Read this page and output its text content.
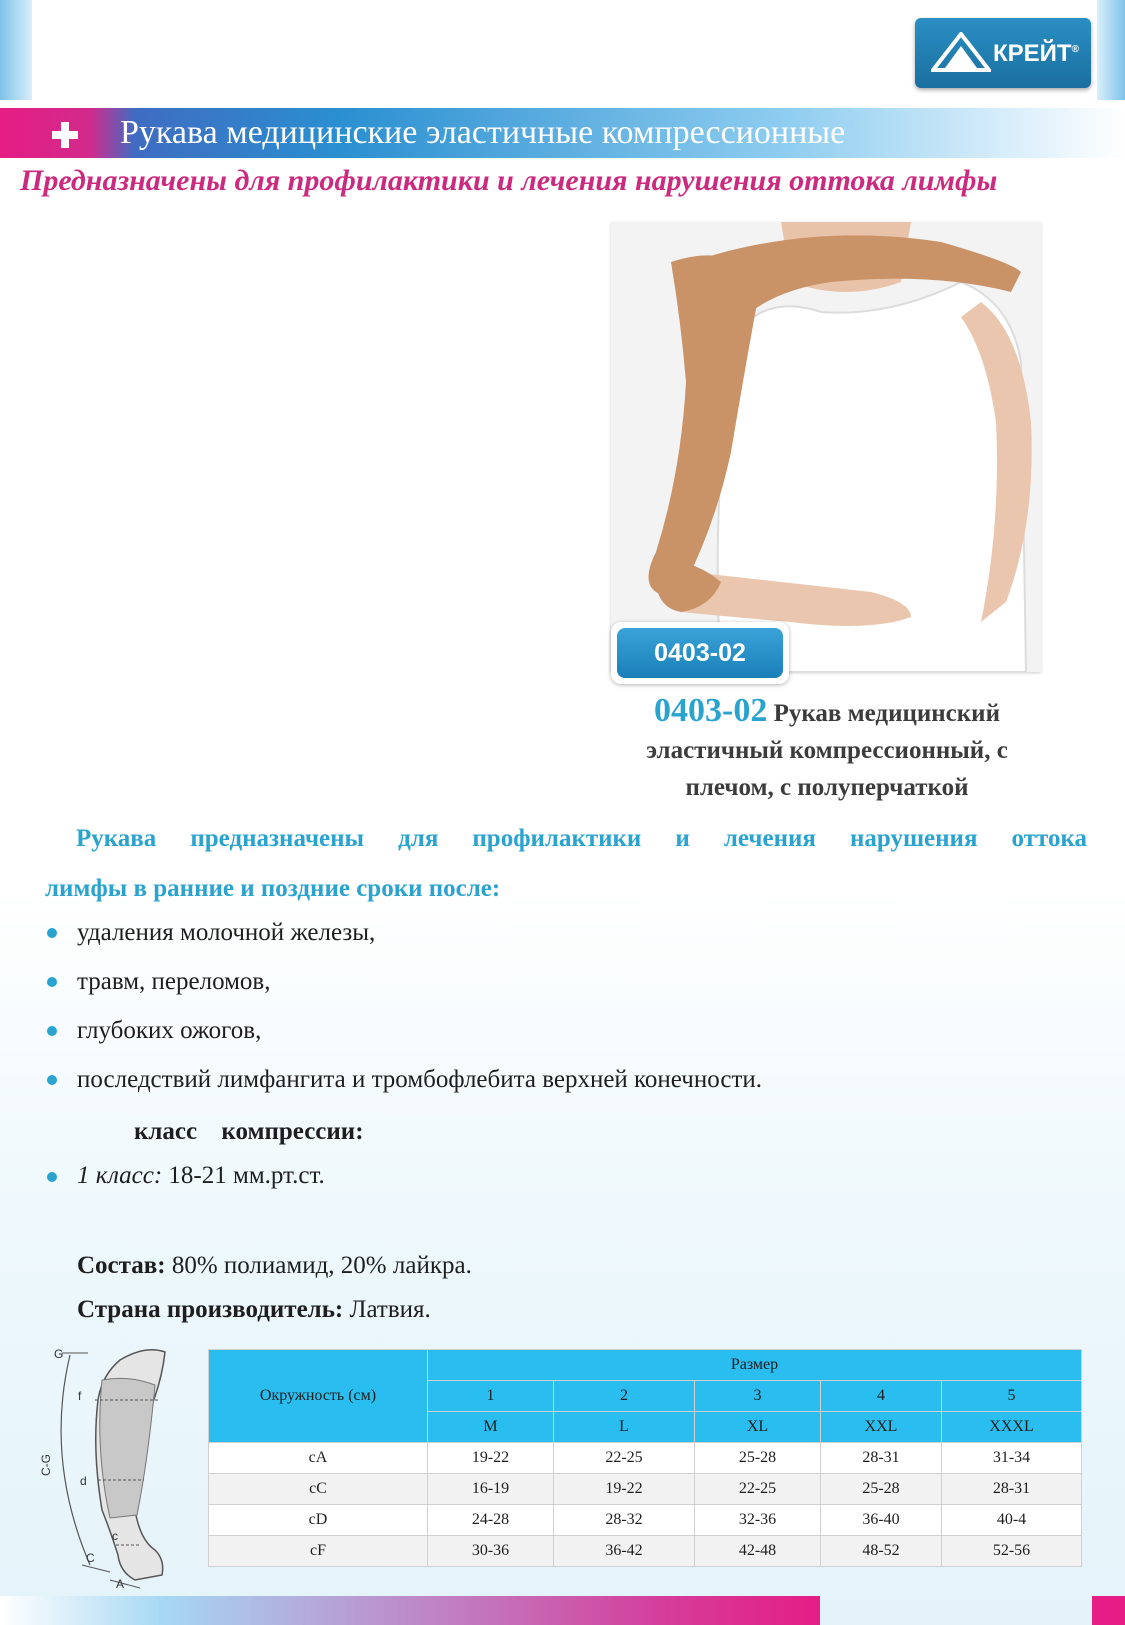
КРЕЙТ®
Рукава медицинские эластичные компрессионные
Предназначены для профилактики и лечения нарушения оттока лимфы
0403-02
0403-02 Рукав медицинский
эластичный компрессионный, с
плечом, с полуперчаткой
Рукава предназначены для профилактики и лечения нарушения оттока
лимфы в ранние и поздние сроки после:
удаления молочной железы,
травм, переломов,
глубоких ожогов,
последствий лимфангита и тромбофлебита верхней конечности.
класс компрессии:
1 класс: 18-21 мм.рт.ст.
Состав: 80% полиамид, 20% лайкра.
Страна производитель: Латвия.
G
f
C-G
d
c
C
A
Окружность (см)	Размер				
	1	2	3	4	5
	M	L	XL	XXL	XXXL
cA	19-22	22-25	25-28	28-31	31-34
cC	16-19	19-22	22-25	25-28	28-31
cD	24-28	28-32	32-36	36-40	40-4
cF	30-36	36-42	42-48	48-52	52-56
